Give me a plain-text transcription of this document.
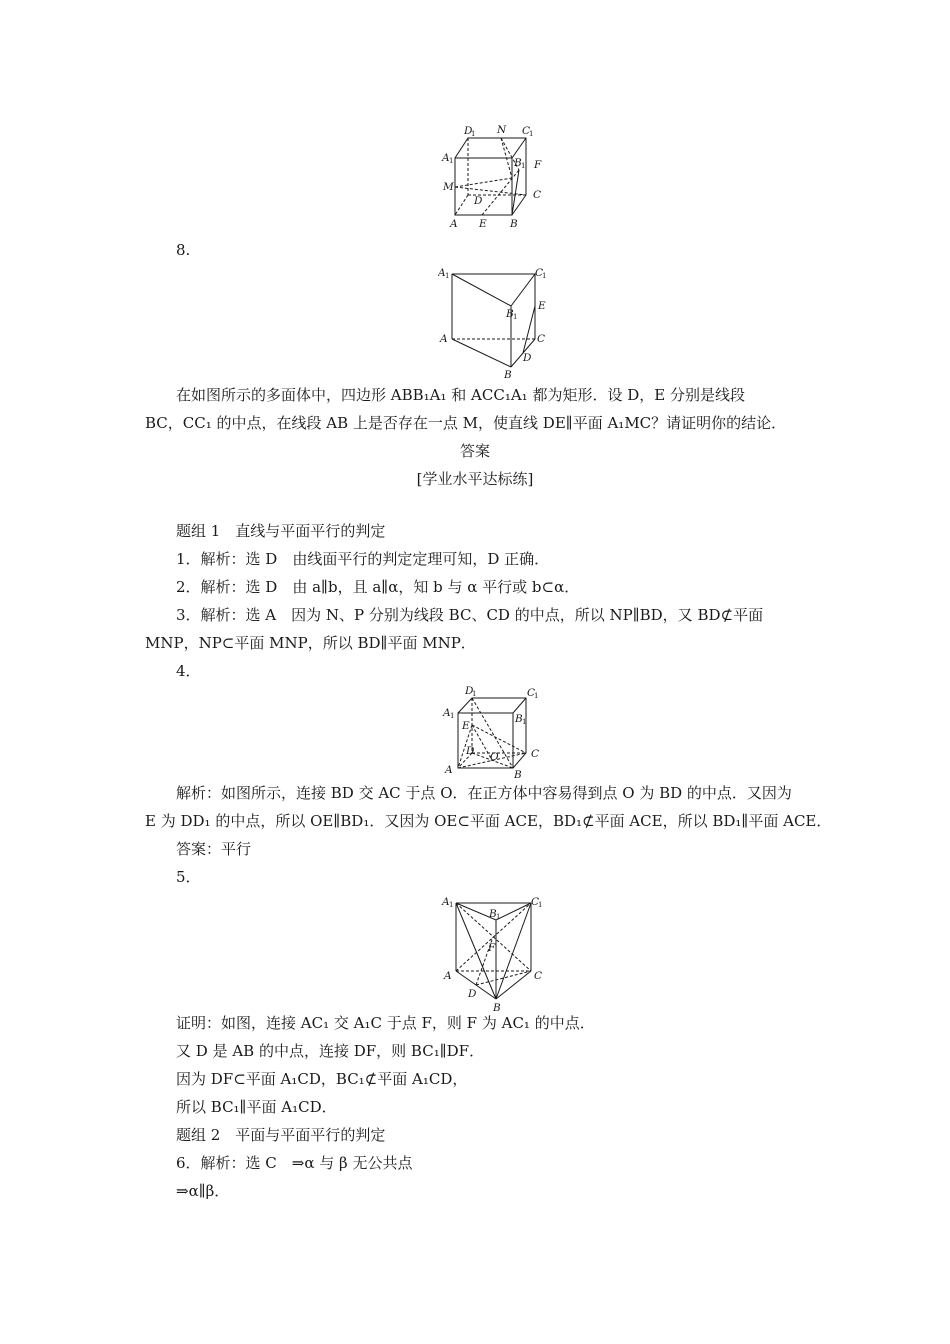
D
1 N C
1
A 1	B 1 F
M
C
D
A E B
8.
A 1	C
1
E
B 1
A	C
D
B
在如图所示的多面体中，四边形 ABB₁A₁ 和 ACC₁A₁ 都为矩形．设 D，E 分别是线段
BC，CC₁ 的中点，在线段 AB 上是否存在一点 M，使直线 DE∥平面 A₁MC？请证明你的结论．
答案
[学业水平达标练]
题组 1　直线与平面平行的判定
1．解析：选 D　由线面平行的判定定理可知，D 正确．
2．解析：选 D　由 a∥b，且 a∥α，知 b 与 α 平行或 b⊂α．
3．解析：选 A　因为 N、P 分别为线段 BC、CD 的中点，所以 NP∥BD，又 BD⊄平面
MNP，NP⊂平面 MNP，所以 BD∥平面 MNP．
4．
D
1	C
1
A 1	B 1
E
D O	C
A	B
解析：如图所示，连接 BD 交 AC 于点 O．在正方体中容易得到点 O 为 BD 的中点．又因为
E 为 DD₁ 的中点，所以 OE∥BD₁．又因为 OE⊂平面 ACE，BD₁⊄平面 ACE，所以 BD₁∥平面 ACE．
答案：平行
5．
A 1	C
1
B 1
F
A	C
D
B
证明：如图，连接 AC₁ 交 A₁C 于点 F，则 F 为 AC₁ 的中点．
又 D 是 AB 的中点，连接 DF，则 BC₁∥DF．
因为 DF⊂平面 A₁CD，BC₁⊄平面 A₁CD，
所以 BC₁∥平面 A₁CD．
题组 2　平面与平面平行的判定
6．解析：选 C　⇒α 与 β 无公共点
⇒α∥β．
